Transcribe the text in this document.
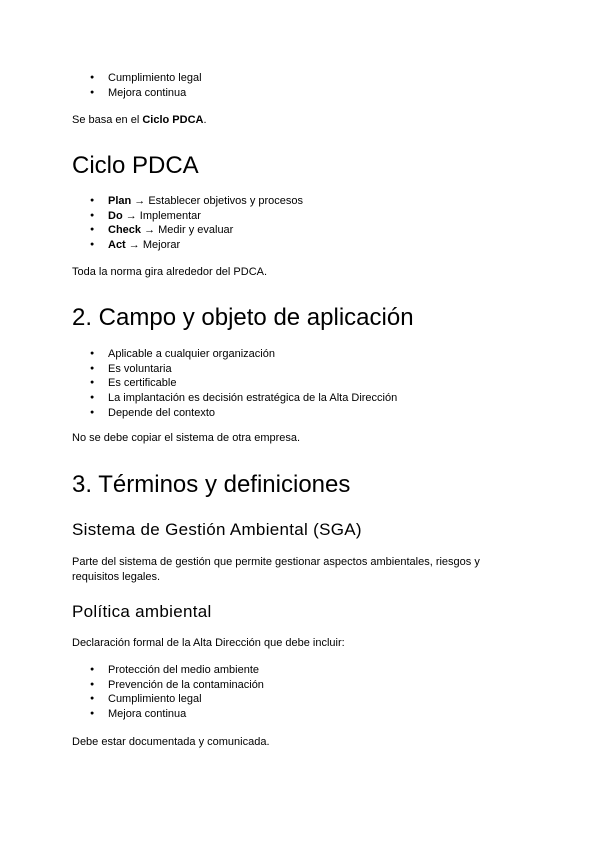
● Cumplimiento legal
● Mejora continua

Se basa en el Ciclo PDCA.

Ciclo PDCA
● Plan → Establecer objetivos y procesos
● Do → Implementar
● Check → Medir y evaluar
● Act → Mejorar

Toda la norma gira alrededor del PDCA.

2. Campo y objeto de aplicación
● Aplicable a cualquier organización
● Es voluntaria
● Es certificable
● La implantación es decisión estratégica de la Alta Dirección
● Depende del contexto

No se debe copiar el sistema de otra empresa.

3. Términos y definiciones
Sistema de Gestión Ambiental (SGA)

Parte del sistema de gestión que permite gestionar aspectos ambientales, riesgos y requisitos legales.

Política ambiental

Declaración formal de la Alta Dirección que debe incluir:

● Protección del medio ambiente
● Prevención de la contaminación
● Cumplimiento legal
● Mejora continua

Debe estar documentada y comunicada.
